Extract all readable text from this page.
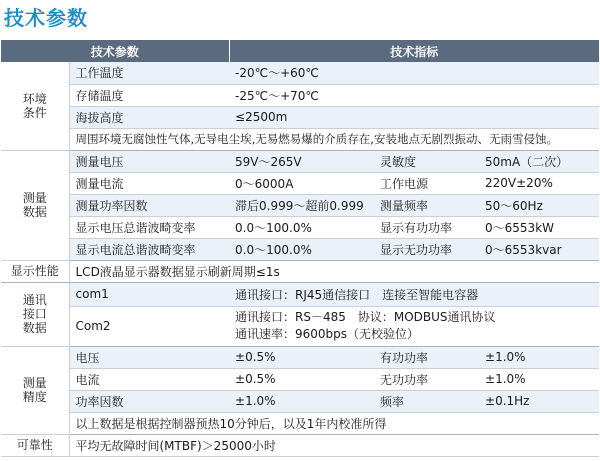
技术参数
技术参数		技术指标		

环境
条件	工作温度	-20℃～+60℃		
	存储温度	-25℃～+70℃		
	海拔高度	≤2500m		
	周围环境无腐蚀性气体,无导电尘埃,无易燃易爆的介质存在,安装地点无剧烈振动、无雨雪侵蚀。			

测量
数据	测量电压	59V～265V	灵敏度	50mA（二次）
	测量电流	0～6000A	工作电源	220V±20%
	测量功率因数	滞后0.999～超前0.999	测量频率	50～60Hz
	显示电压总谐波畸变率	0.0～100.0%	显示有功功率	0～6553kW
	显示电流总谐波畸变率	0.0～100.0%	显示无功功率	0～6553kvar
显示性能	LCD液晶显示器数据显示刷新周期≤1s			

通讯
接口
数据	com1	通讯接口：RJ45通信接口　连接至智能电容器		
	Com2	通讯接口：RS－485　协议：MODBUS通讯协议
通讯速率：9600bps（无校验位）		

测量
精度	电压	±0.5%	有功功率	±1.0%
	电流	±0.5%	无功功率	±1.0%
	功率因数	±1.0%	频率	±0.1Hz
	以上数据是根据控制器预热10分钟后，以及1年内校准所得			
可靠性	平均无故障时间(MTBF)＞25000小时			
